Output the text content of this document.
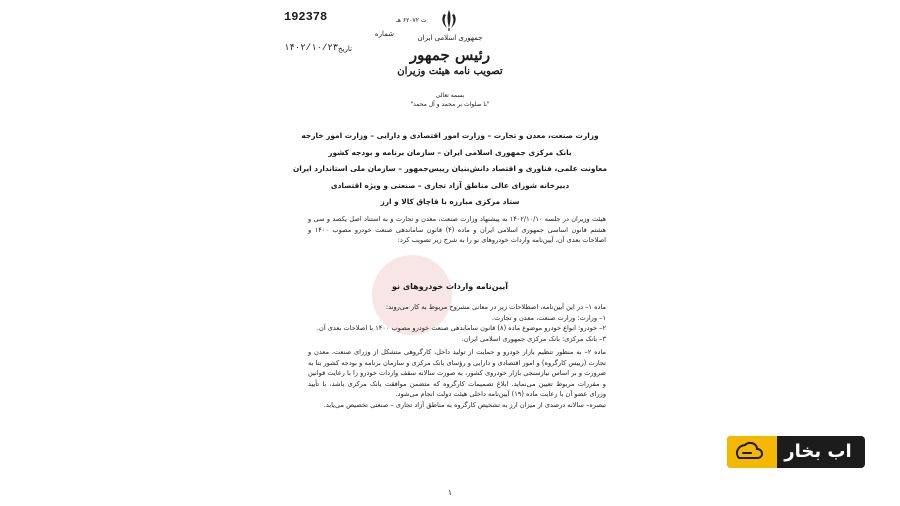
جمهوری اسلامی ایران
رئیس جمهور
تصویب نامه هیئت وزیران
بسمه تعالی
"با صلوات بر محمد و آل محمد"
192378	ت ۶۲۰۷۲ هـ
شماره
۱۴۰۲/۱۰/۲۳ تاریخ
وزارت صنعت، معدن و تجارت – وزارت امور اقتصادی و دارایی – وزارت امور خارجه
بانک مرکزی جمهوری اسلامی ایران – سازمان برنامه و بودجه کشور
معاونت علمی، فناوری و اقتصاد دانش‌بنیان رییس‌جمهور – سازمان ملی استاندارد ایران
دبیرخانه شورای عالی مناطق آزاد تجاری – صنعتی و ویژه اقتصادی
ستاد مرکزی مبارزه با قاچاق کالا و ارز
هیئت وزیران در جلسه ۱۴۰۲/۱۰/۱۰ به پیشنهاد وزارت صنعت، معدن و تجارت و به استناد اصل یکصد و سی و هشتم قانون اساسی جمهوری اسلامی ایران و ماده (۴) قانون ساماندهی صنعت خودرو مصوب ۱۴۰۰ و اصلاحات بعدی آن، آیین‌نامه واردات خودروهای نو را به شرح زیر تصویب کرد:
آیین‌نامه واردات خودروهای نو
ماده ۱– در این آیین‌نامه، اصطلاحات زیر در معانی مشروح مربوط به کار می‌روند:
۱– وزارت: وزارت صنعت، معدن و تجارت.
۲– خودرو: انواع خودرو موضوع ماده (۸) قانون ساماندهی صنعت خودرو مصوب ۱۴۰۰ با اصلاحات بعدی آن.
۳– بانک مرکزی: بانک مرکزی جمهوری اسلامی ایران.
ماده ۲– به منظور تنظیم بازار خودرو و حمایت از تولید داخل، کارگروهی متشکل از وزرای صنعت، معدن و تجارت (رییس کارگروه) و امور اقتصادی و دارایی و رؤسای بانک مرکزی و سازمان برنامه و بودجه کشور بنا به ضرورت و بر اساس نیازسنجی بازار خودروی کشور، به صورت سالانه سقف واردات خودرو را با رعایت قوانین و مقررات مربوط تعیین می‌نماید. ابلاغ تصمیمات کارگروه که متضمن موافقت بانک مرکزی باشد، با تأیید وزرای عضو آن با رعایت ماده (۱۹) آیین‌نامه داخلی هیئت دولت انجام می‌شود.
تبصره– سالانه درصدی از میزان ارز به تشخیص کارگروه به مناطق آزاد تجاری – صنعتی تخصیص می‌یابد.
۱
اب بخار
